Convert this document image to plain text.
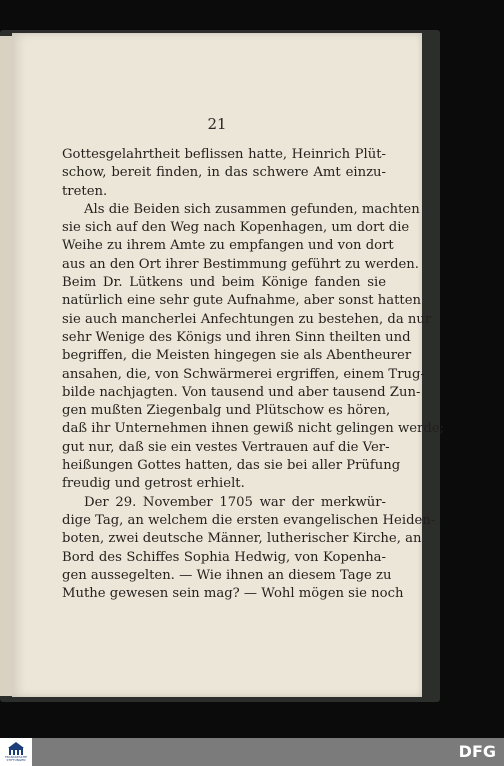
21
Gottesgelahrtheit beflissen hatte, Heinrich Plüt-
schow, bereit finden, in das schwere Amt einzu-
treten.
Als die Beiden sich zusammen gefunden, machten
sie sich auf den Weg nach Kopenhagen, um dort die
Weihe zu ihrem Amte zu empfangen und von dort
aus an den Ort ihrer Bestimmung geführt zu werden.
Beim Dr. Lütkens und beim Könige fanden sie
natürlich eine sehr gute Aufnahme, aber sonst hatten
sie auch mancherlei Anfechtungen zu bestehen, da nur
sehr Wenige des Königs und ihren Sinn theilten und
begriffen, die Meisten hingegen sie als Abentheurer
ansahen, die, von Schwärmerei ergriffen, einem Trug-
bilde nachjagten. Von tausend und aber tausend Zun-
gen mußten Ziegenbalg und Plütschow es hören,
daß ihr Unternehmen ihnen gewiß nicht gelingen werde;
gut nur, daß sie ein vestes Vertrauen auf die Ver-
heißungen Gottes hatten, das sie bei aller Prüfung
freudig und getrost erhielt.
Der 29. November 1705 war der merkwür-
dige Tag, an welchem die ersten evangelischen Heiden-
boten, zwei deutsche Männer, lutherischer Kirche, an
Bord des Schiffes Sophia Hedwig, von Kopenha-
gen aussegelten. — Wie ihnen an diesem Tage zu
Muthe gewesen sein mag? — Wohl mögen sie noch
FRANCKESCHE STIFTUNGEN	DFG
